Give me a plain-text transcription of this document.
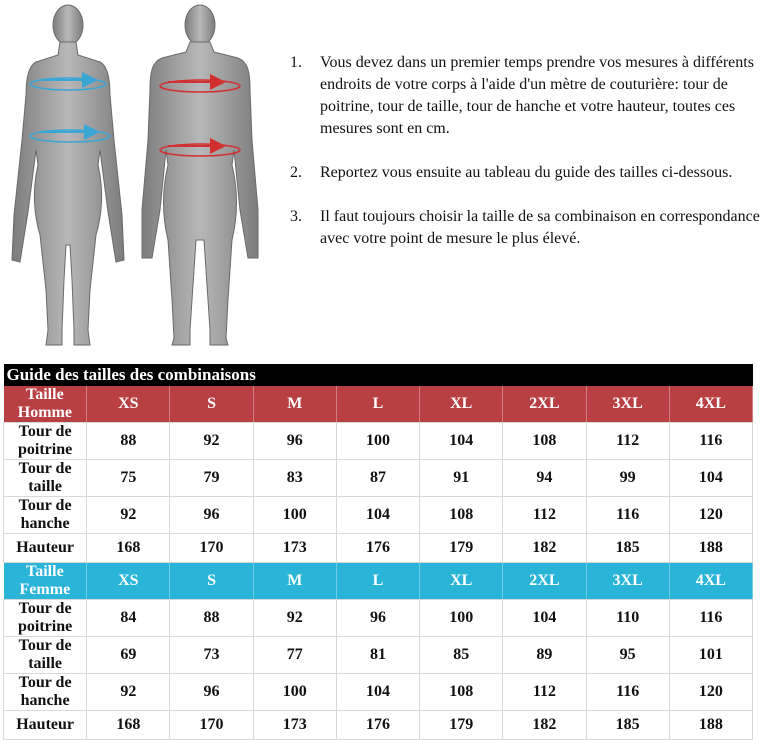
1. Vous devez dans un premier temps prendre vos mesures à différents endroits de votre corps à l'aide d'un mètre de couturière: tour de poitrine, tour de taille, tour de hanche et votre hauteur, toutes ces mesures sont en cm.
2. Reportez vous ensuite au tableau du guide des tailles ci-dessous.
3. Il faut toujours choisir la taille de sa combinaison en correspondance avec votre point de mesure le plus élevé.
Guide des tailles des combinaisons								
Taille Homme	XS	S	M	L	XL	2XL	3XL	4XL
Tour de poitrine	88	92	96	100	104	108	112	116
Tour de taille	75	79	83	87	91	94	99	104
Tour de hanche	92	96	100	104	108	112	116	120
Hauteur	168	170	173	176	179	182	185	188
Taille Femme	XS	S	M	L	XL	2XL	3XL	4XL
Tour de poitrine	84	88	92	96	100	104	110	116
Tour de taille	69	73	77	81	85	89	95	101
Tour de hanche	92	96	100	104	108	112	116	120
Hauteur	168	170	173	176	179	182	185	188
